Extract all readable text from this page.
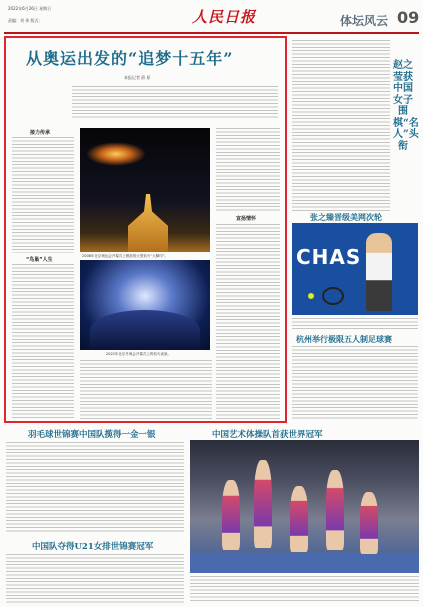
2022年6月26日 星期日
责编：刘 伟 版式：	人民日报	体坛风云 09
从奥运出发的“追梦十五年”
本报记者 薛 原
接力传承
“鸟巢”人生
2008年北京奥运会开幕式上燃放的大型焰火“大脚印”。
2022年北京冬奥会开幕式上的焰火表演。
宣扬情怀
赵之莹获中国女子围棋“名人”头衔
张之臻晋级美网次轮
CHAS
杭州举行极限五人制足球赛
羽毛球世锦赛中国队揽得一金一银
中国队夺得U21女排世锦赛冠军
中国艺术体操队首获世界冠军
